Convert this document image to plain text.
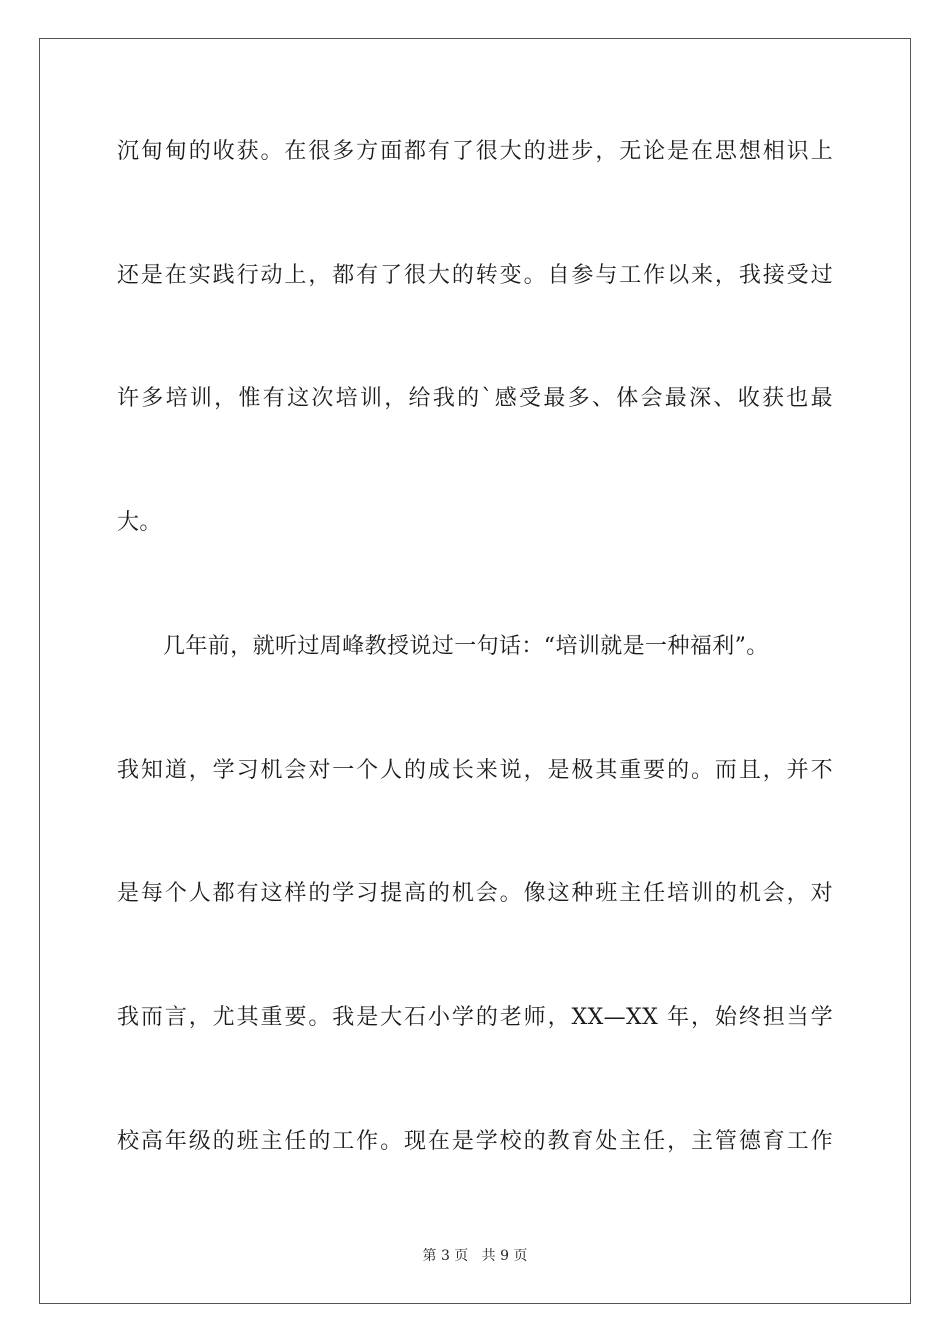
沉甸甸的收获。在很多方面都有了很大的进步，无论是在思想相识上
还是在实践行动上，都有了很大的转变。自参与工作以来，我接受过
许多培训，惟有这次培训，给我的`感受最多、体会最深、收获也最
大。
几年前，就听过周峰教授说过一句话：“培训就是一种福利”。
我知道，学习机会对一个人的成长来说，是极其重要的。而且，并不
是每个人都有这样的学习提高的机会。像这种班主任培训的机会，对
我而言，尤其重要。我是大石小学的老师，XX—XX 年，始终担当学
校高年级的班主任的工作。现在是学校的教育处主任，主管德育工作
第 3 页 共 9 页
